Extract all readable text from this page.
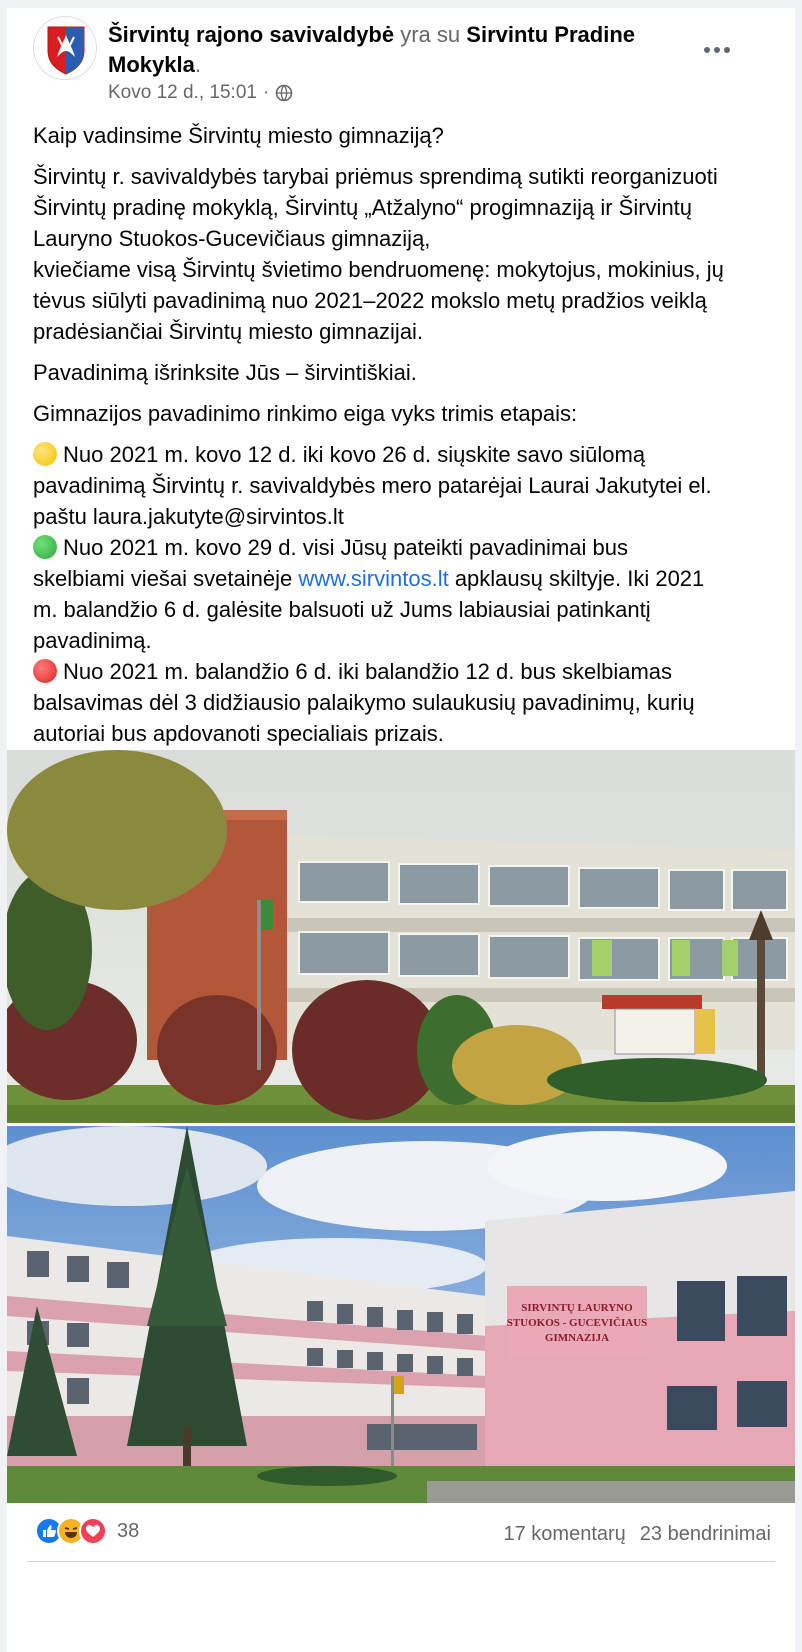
Širvintų rajono savivaldybė yra su Sirvintu Pradine Mokykla.
Kovo 12 d., 15:01 ·

Kaip vadinsime Širvintų miesto gimnaziją?

Širvintų r. savivaldybės tarybai priėmus sprendimą sutikti reorganizuoti
Širvintų pradinę mokyklą, Širvintų „Atžalyno“ progimnaziją ir Širvintų
Lauryno Stuokos-Gucevičiaus gimnaziją,
kviečiame visą Širvintų švietimo bendruomenę: mokytojus, mokinius, jų
tėvus siūlyti pavadinimą nuo 2021–2022 mokslo metų pradžios veiklą
pradėsiančiai Širvintų miesto gimnazijai.

Pavadinimą išrinksite Jūs – širvintiškiai.

Gimnazijos pavadinimo rinkimo eiga vyks trimis etapais:

Nuo 2021 m. kovo 12 d. iki kovo 26 d. siųskite savo siūlomą
pavadinimą Širvintų r. savivaldybės mero patarėjai Laurai Jakutytei el.
paštu laura.jakutyte@sirvintos.lt
Nuo 2021 m. kovo 29 d. visi Jūsų pateikti pavadinimai bus
skelbiami viešai svetainėje www.sirvintos.lt apklausų skiltyje. Iki 2021
m. balandžio 6 d. galėsite balsuoti už Jums labiausiai patinkantį
pavadinimą.
Nuo 2021 m. balandžio 6 d. iki balandžio 12 d. bus skelbiamas
balsavimas dėl 3 didžiausio palaikymo sulaukusių pavadinimų, kurių
autoriai bus apdovanoti specialiais prizais.

SIRVINTŲ LAURYNO
STUOKOS - GUCEVIČIAUS
GIMNAZIJA
38	17 komentarų 23 bendrinimai
